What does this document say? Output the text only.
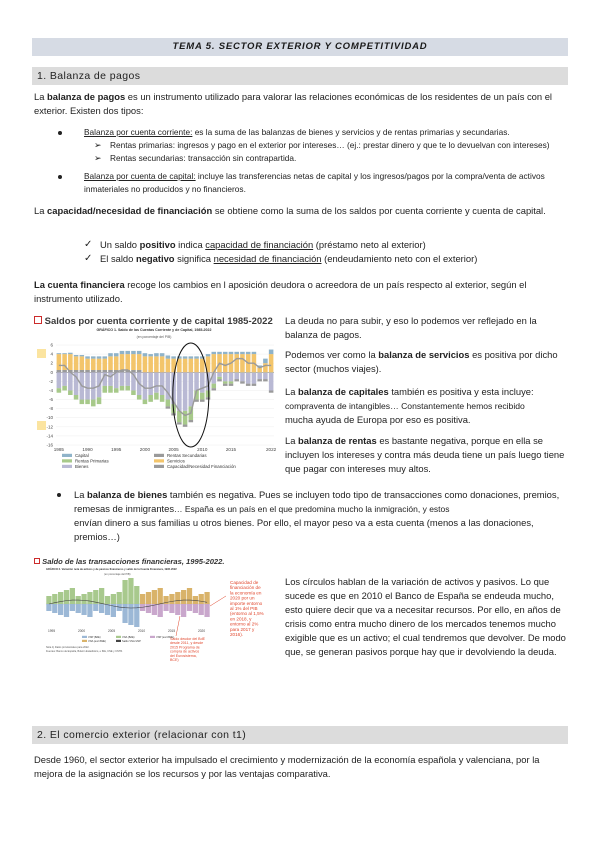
TEMA 5. SECTOR EXTERIOR Y COMPETITIVIDAD
1. Balanza de pagos
La balanza de pagos es un instrumento utilizado para valorar las relaciones económicas de los residentes de un país con el exterior. Existen dos tipos:
Balanza por cuenta corriente: es la suma de las balanzas de bienes y servicios y de rentas primarias y secundarias.
➢ Rentas primarias: ingresos y pago en el exterior por intereses… (ej.: prestar dinero y que te lo devuelvan con intereses)
➢ Rentas secundarias: transacción sin contrapartida.
Balanza por cuenta de capital: incluye las transferencias netas de capital y los ingresos/pagos por la compra/venta de activos inmateriales no producidos y no financieros.
La capacidad/necesidad de financiación se obtiene como la suma de los saldos por cuenta corriente y cuenta de capital.
✓ Un saldo positivo indica capacidad de financiación (préstamo neto al exterior)
✓ El saldo negativo significa necesidad de financiación (endeudamiento neto con el exterior)
La cuenta financiera recoge los cambios en l aposición deudora o acreedora de un país respecto al exterior, según el instrumento utilizado.
Saldos por cuenta corriente y de capital 1985-2022
GRÁFICO 1. Saldo de las Cuentas Corriente y de Capital, 1985-2022
(en porcentaje del PIB)
6
4
2
0
-2
-4
-6
-8
-10
-12
-14
-16
1985	1990	1995	2000	2005	2010	2015	2022
Capital
Rentas Primarias
Bienes
Rentas Secundarias
Servicios
Capacidad/Necesidad Financiación
La deuda no para subir, y eso lo podemos ver reflejado en la balanza de pagos.
Podemos ver como la balanza de servicios es positiva por dicho sector (muchos viajes).
La balanza de capitales también es positiva y esta incluye:
compraventa de intangibles… Constantemente hemos recibido
mucha ayuda de Europa por eso es positiva.
La balanza de rentas es bastante negativa, porque en ella se incluyen los intereses y contra más deuda tiene un país luego tiene que pagar con intereses muy altos.
La balanza de bienes también es negativa. Pues se incluyen todo tipo de transacciones como donaciones, premios, remesas de inmigrantes… España es un país en el que predomina mucho la inmigración, y estos
envían dinero a sus familias u otros bienes. Por ello, el mayor peso va a esta cuenta (menos a las donaciones,
premios…)
Saldo de las transacciones financieras, 1995-2022.
GRÁFICO 2. Variación neta de activos y de pasivos financieros y saldo de la Cuenta Financiera, 1995-2022
(en porcentaje del PIB)
1995	2000	2005	2010	2015	2020
VNP (BdE)	VNA (BdE)	VNP (excl.BdE)
VNA (excl.BdE)	Saldo VNA-VNP
Nota 1) Datos provisionales para 2022.
Fuentes: Banco de España, Boletín Estadístico, e INE, CNE y CNTR.
Capacidad de financiación de la economía en 2020 por un importe entorno al 1% del PIB (entorno al 1,5% en 2018, y entorno al 2% para 2017 y 2016).
Saldo deudor del BdE desde 2011, y desde 2015 Programa de compra de activos del Eurosistema, BCE)
Los círculos hablan de la variación de activos y pasivos. Lo que sucede es que en 2010 el Banco de España se endeuda mucho, esto quiere decir que va a necesitar recursos. Por ello, en años de crisis como entra mucho dinero de los mercados tenemos mucho exigible que es un activo; el cual tendremos que devolver. De modo que, se generan pasivos porque hay que ir devolviendo la deuda.
2. El comercio exterior (relacionar con t1)
Desde 1960, el sector exterior ha impulsado el crecimiento y modernización de la economía española y valenciana, por la mejora de la asignación se los recursos y por las ventajas comparativa.
